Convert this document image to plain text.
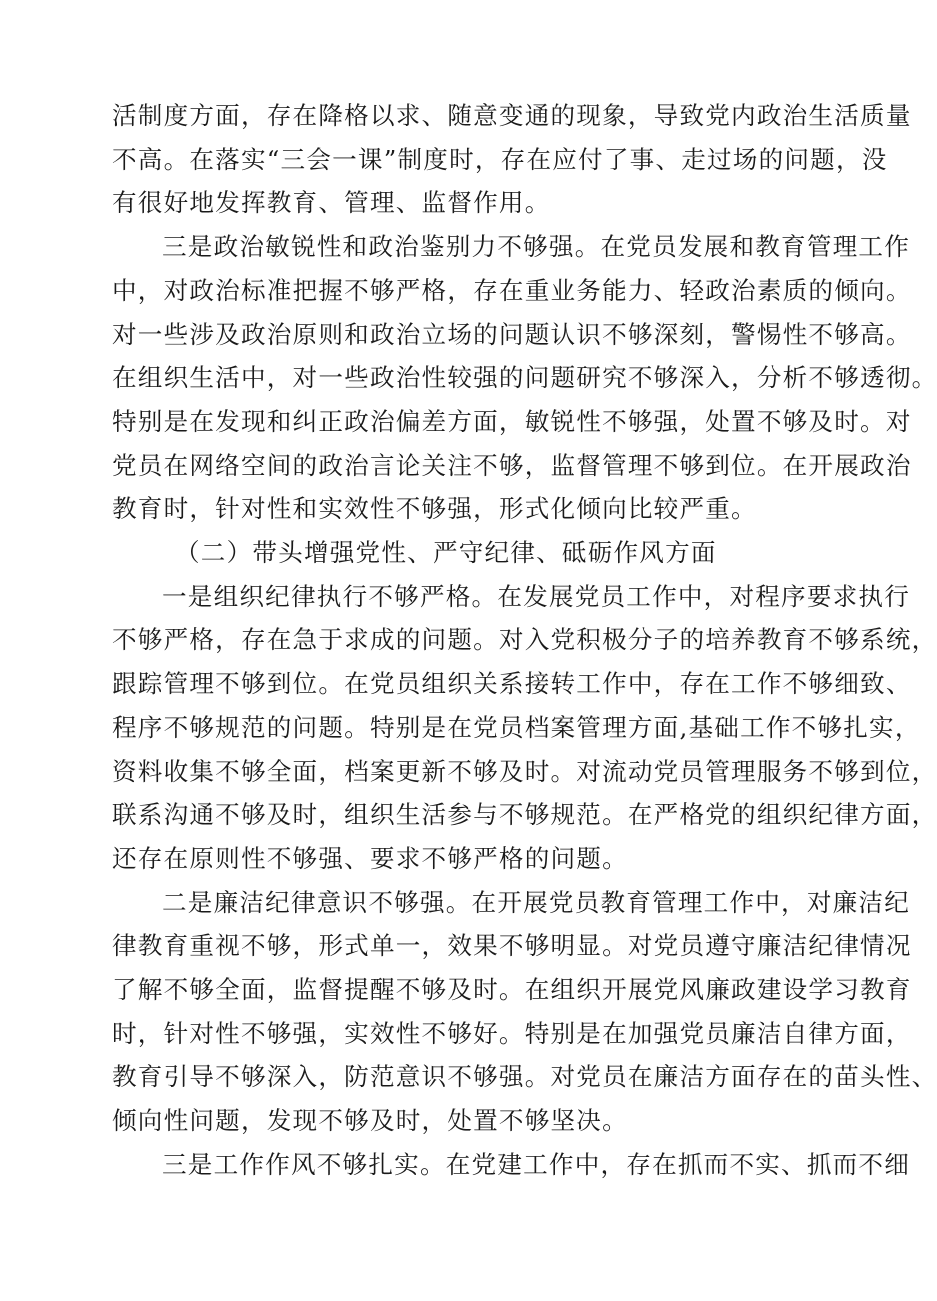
活制度方面，存在降格以求、随意变通的现象，导致党内政治生活质量

不高。在落实“三会一课”制度时，存在应付了事、走过场的问题，没

有很好地发挥教育、管理、监督作用。

三是政治敏锐性和政治鉴别力不够强。在党员发展和教育管理工作

中，对政治标准把握不够严格，存在重业务能力、轻政治素质的倾向。

对一些涉及政治原则和政治立场的问题认识不够深刻，警惕性不够高。

在组织生活中，对一些政治性较强的问题研究不够深入，分析不够透彻。

特别是在发现和纠正政治偏差方面，敏锐性不够强，处置不够及时。对

党员在网络空间的政治言论关注不够，监督管理不够到位。在开展政治

教育时，针对性和实效性不够强，形式化倾向比较严重。

（二）带头增强党性、严守纪律、砥砺作风方面

一是组织纪律执行不够严格。在发展党员工作中，对程序要求执行

不够严格，存在急于求成的问题。对入党积极分子的培养教育不够系统，

跟踪管理不够到位。在党员组织关系接转工作中，存在工作不够细致、

程序不够规范的问题。特别是在党员档案管理方面,基础工作不够扎实，

资料收集不够全面，档案更新不够及时。对流动党员管理服务不够到位，

联系沟通不够及时，组织生活参与不够规范。在严格党的组织纪律方面，

还存在原则性不够强、要求不够严格的问题。

二是廉洁纪律意识不够强。在开展党员教育管理工作中，对廉洁纪

律教育重视不够，形式单一，效果不够明显。对党员遵守廉洁纪律情况

了解不够全面，监督提醒不够及时。在组织开展党风廉政建设学习教育

时，针对性不够强，实效性不够好。特别是在加强党员廉洁自律方面，

教育引导不够深入，防范意识不够强。对党员在廉洁方面存在的苗头性、

倾向性问题，发现不够及时，处置不够坚决。

三是工作作风不够扎实。在党建工作中，存在抓而不实、抓而不细
